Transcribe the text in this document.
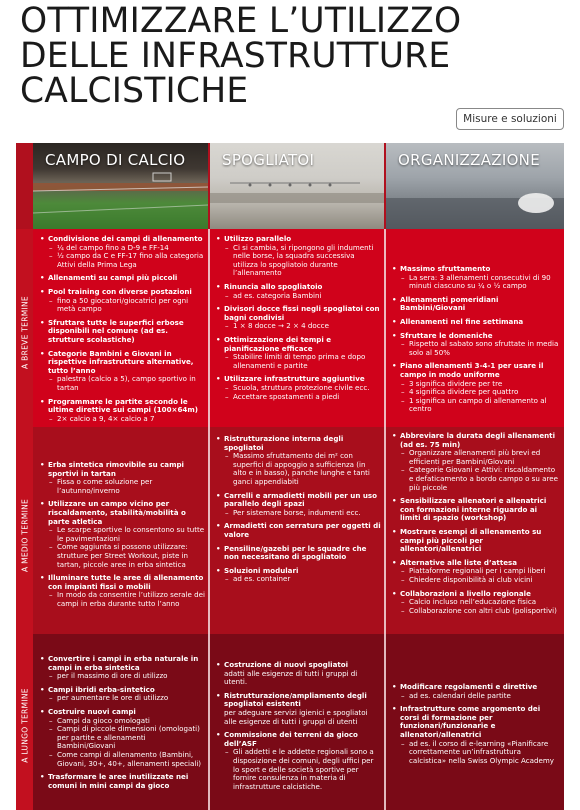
OTTIMIZZARE L’UTILIZZO
DELLE INFRASTRUTTURE
CALCISTICHE
Misure e soluzioni
CAMPO DI CALCIO SPOGLIATOI	ORGANIZZAZIONE
A BREVE TERMINE
A MEDIO TERMINE
A LUNGO TERMINE
• Condivisione dei campi di allenamento
– ¼ del campo fino a D-9 e FF-14
– ½ campo da C e FF-17 fino alla categoria Attivi della Prima Lega
• Allenamenti su campi più piccoli
• Pool training con diverse postazioni
– fino a 50 giocatori/giocatrici per ogni metà campo
• Sfruttare tutte le superfici erbose disponibili nel comune (ad es. strutture scolastiche)
• Categorie Bambini e Giovani in rispettive infrastrutture alternative, tutto l’anno
– palestra (calcio a 5), campo sportivo in tartan
• Programmare le partite secondo le ultime direttive sui campi (100×64m)
– 2× calcio a 9, 4× calcio a 7
• Utilizzo parallelo
– Ci si cambia, si ripongono gli indumenti nelle borse, la squadra successiva utilizza lo spogliatoio durante l’allenamento
• Rinuncia allo spogliatoio
– ad es. categoria Bambini
• Divisori docce fissi negli spogliatoi con bagni condivisi
– 1 × 8 docce → 2 × 4 docce
• Ottimizzazione dei tempi e pianificazione efficace
– Stabilire limiti di tempo prima e dopo allenamenti e partite
• Utilizzare infrastrutture aggiuntive
– Scuola, struttura protezione civile ecc.
– Accettare spostamenti a piedi
• Massimo sfruttamento
– La sera: 3 allenamenti consecutivi di 90 minuti ciascuno su ¼ o ½ campo
• Allenamenti pomeridiani Bambini/Giovani
• Allenamenti nel fine settimana
• Sfruttare le domeniche
– Rispetto al sabato sono sfruttate in media solo al 50%
• Piano allenamenti 3-4-1 per usare il campo in modo uniforme
– 3 significa dividere per tre
– 4 significa dividere per quattro
– 1 significa un campo di allenamento al centro
• Erba sintetica rimovibile su campi sportivi in tartan
– Fissa o come soluzione per l’autunno/inverno
• Utilizzare un campo vicino per riscaldamento, stabilità/mobilità o parte atletica
– Le scarpe sportive lo consentono su tutte le pavimentazioni
– Come aggiunta si possono utilizzare: strutture per Street Workout, piste in tartan, piccole aree in erba sintetica
• Illuminare tutte le aree di allenamento con impianti fissi o mobili
– In modo da consentire l’utilizzo serale dei campi in erba durante tutto l’anno
• Ristrutturazione interna degli spogliatoi
– Massimo sfruttamento dei m² con superfici di appoggio a sufficienza (in alto e in basso), panche lunghe e tanti ganci appendiabiti
• Carrelli e armadietti mobili per un uso parallelo degli spazi
– Per sistemare borse, indumenti ecc.
• Armadietti con serratura per oggetti di valore
• Pensiline/gazebi per le squadre che non necessitano di spogliatoio
• Soluzioni modulari
– ad es. container
• Abbreviare la durata degli allenamenti (ad es. 75 min)
– Organizzare allenamenti più brevi ed efficienti per Bambini/Giovani
– Categorie Giovani e Attivi: riscaldamento e defaticamento a bordo campo o su aree più piccole
• Sensibilizzare allenatori e allenatrici con formazioni interne riguardo ai limiti di spazio (workshop)
• Mostrare esempi di allenamento su campi più piccoli per allenatori/allenatrici
• Alternative alle liste d’attesa
– Piattaforme regionali per i campi liberi
– Chiedere disponibilità ai club vicini
• Collaborazioni a livello regionale
– Calcio incluso nell’educazione fisica
– Collaborazione con altri club (polisportivi)
• Convertire i campi in erba naturale in campi in erba sintetica
– per il massimo di ore di utilizzo
• Campi ibridi erba-sintetico
– per aumentare le ore di utilizzo
• Costruire nuovi campi
– Campi da gioco omologati
– Campi di piccole dimensioni (omologati) per partite e allenamenti Bambini/Giovani
– Come campi di allenamento (Bambini, Giovani, 30+, 40+, allenamenti speciali)
• Trasformare le aree inutilizzate nei comuni in mini campi da gioco
• Costruzione di nuovi spogliatoi
adatti alle esigenze di tutti i gruppi di utenti.
• Ristrutturazione/ampliamento degli spogliatoi esistenti
per adeguare servizi igienici e spogliatoi alle esigenze di tutti i gruppi di utenti
• Commissione dei terreni da gioco dell’ASF
– Gli addetti e le addette regionali sono a disposizione dei comuni, degli uffici per lo sport e delle società sportive per fornire consulenza in materia di infrastrutture calcistiche.
• Modificare regolamenti e direttive
– ad es. calendari delle partite
• Infrastrutture come argomento dei corsi di formazione per funzionari/funzionarie e allenatori/allenatrici
– ad es. il corso di e-learning «Pianificare correttamente un’infrastruttura calcistica» nella Swiss Olympic Academy
